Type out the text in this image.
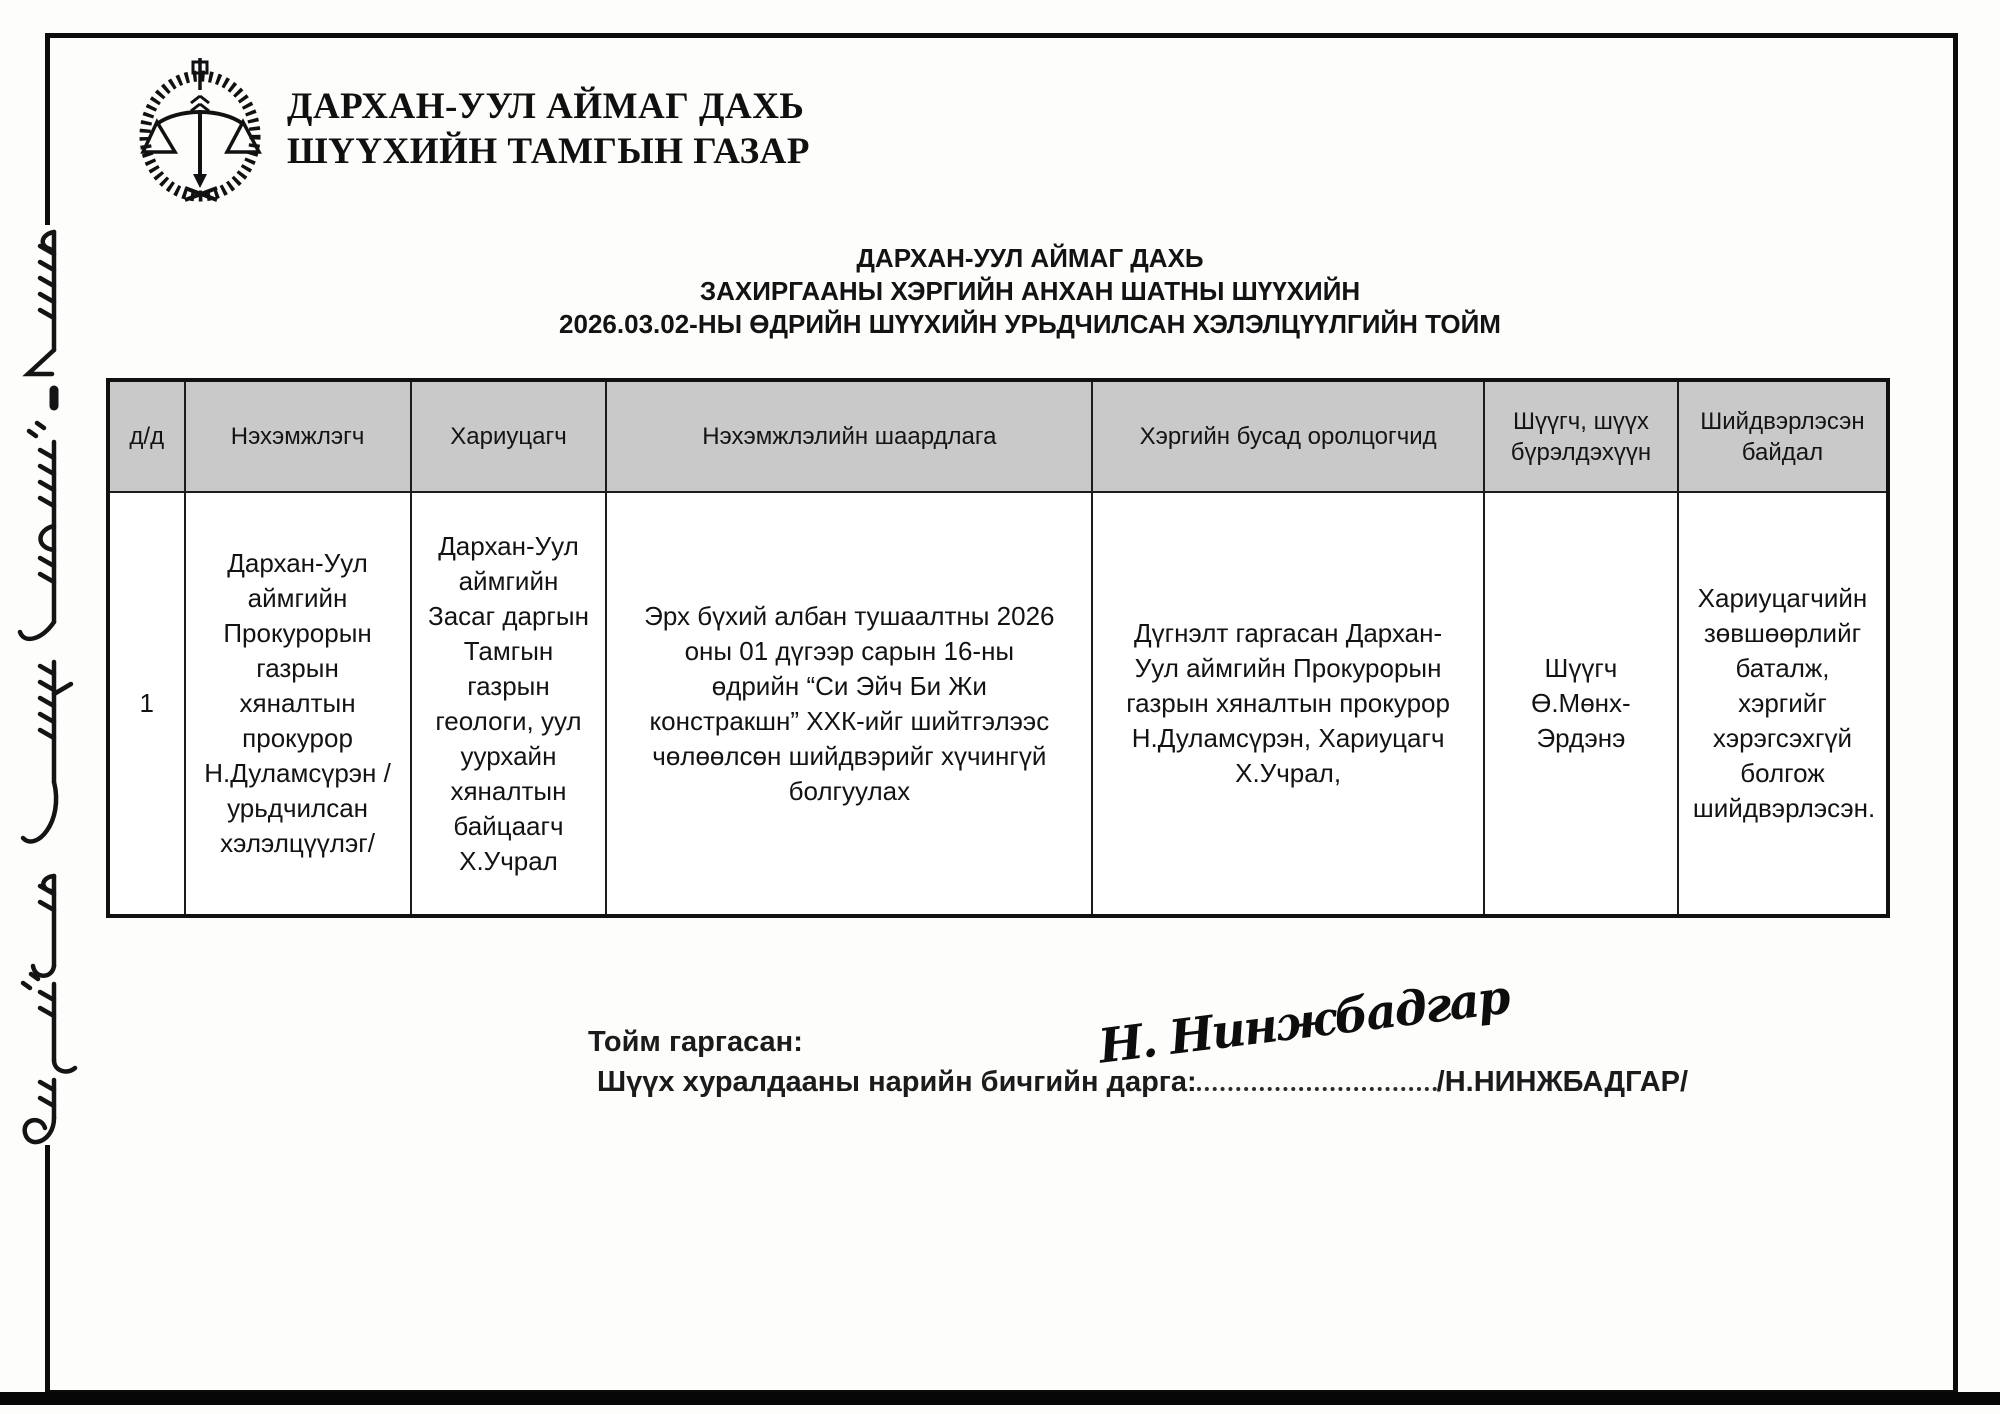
ДАРХАН-УУЛ АЙМАГ ДАХЬ
ШҮҮХИЙН ТАМГЫН ГАЗАР
ДАРХАН-УУЛ АЙМАГ ДАХЬ
ЗАХИРГААНЫ ХЭРГИЙН АНХАН ШАТНЫ ШҮҮХИЙН
2026.03.02-НЫ ӨДРИЙН ШҮҮХИЙН УРЬДЧИЛСАН ХЭЛЭЛЦҮҮЛГИЙН ТОЙМ
д/д	Нэхэмжлэгч	Хариуцагч	Нэхэмжлэлийн шаардлага	Хэргийн бусад оролцогчид	Шүүгч, шүүх бүрэлдэхүүн	Шийдвэрлэсэн байдал
1	Дархан-Уул аймгийн Прокурорын газрын хяналтын прокурор Н.Дуламсүрэн /урьдчилсан хэлэлцүүлэг/	Дархан-Уул аймгийн Засаг даргын Тамгын газрын геологи, уул уурхайн хяналтын байцаагч Х.Учрал	Эрх бүхий албан тушаалтны 2026 оны 01 дүгээр сарын 16-ны өдрийн “Си Эйч Би Жи констракшн” ХХК-ийг шийтгэлээс чөлөөлсөн шийдвэрийг хүчингүй болгуулах	Дүгнэлт гаргасан Дархан-Уул аймгийн Прокурорын газрын хяналтын прокурор Н.Дуламсүрэн, Хариуцагч Х.Учрал,	Шүүгч Ө.Мөнх-Эрдэнэ	Хариуцагчийн зөвшөөрлийг баталж, хэргийг хэрэгсэхгүй болгож шийдвэрлэсэн.
Тойм гаргасан:
Шүүх хуралдааны нарийн бичгийн дарга:	/Н.НИНЖБАДГАР/
Н. Нинжбадгар
